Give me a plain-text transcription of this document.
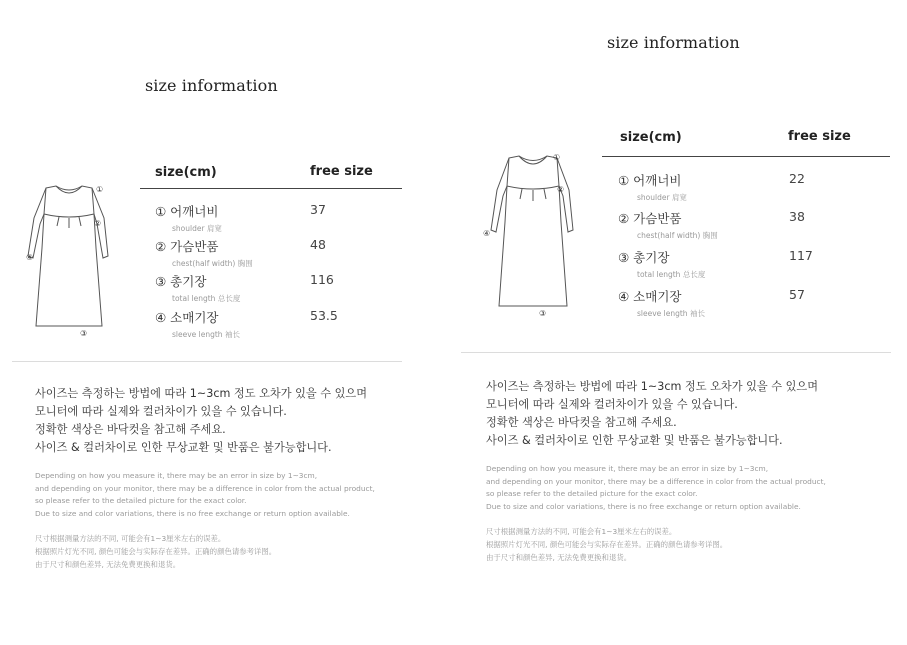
size information
①
②
③
④
size(cm)	free size
① 어깨너비
shoulder 肩宽
37
② 가슴반품
chest(half width) 胸围
48
③ 총기장
total length 总长度
116
④ 소매기장
sleeve length 袖长
53.5
사이즈는 측정하는 방법에 따라 1~3cm 정도 오차가 있을 수 있으며
모니터에 따라 실제와 컬러차이가 있을 수 있습니다.
정확한 색상은 바닥컷을 참고해 주세요.
사이즈 & 컬러차이로 인한 무상교환 및 반품은 불가능합니다.
Depending on how you measure it, there may be an error in size by 1~3cm,
and depending on your monitor, there may be a difference in color from the actual product,
so please refer to the detailed picture for the exact color.
Due to size and color variations, there is no free exchange or return option available.
尺寸根据测量方法的不同, 可能会有1~3厘米左右的误差。
根据照片灯光不同, 颜色可能会与实际存在差异。正确的颜色请参考详图。
由于尺寸和颜色差异, 无法免费更换和退货。
size information
①
②
③
④
size(cm)	free size
① 어깨너비
shoulder 肩宽
22
② 가슴반품
chest(half width) 胸围
38
③ 총기장
total length 总长度
117
④ 소매기장
sleeve length 袖长
57
사이즈는 측정하는 방법에 따라 1~3cm 정도 오차가 있을 수 있으며
모니터에 따라 실제와 컬러차이가 있을 수 있습니다.
정확한 색상은 바닥컷을 참고해 주세요.
사이즈 & 컬러차이로 인한 무상교환 및 반품은 불가능합니다.
Depending on how you measure it, there may be an error in size by 1~3cm,
and depending on your monitor, there may be a difference in color from the actual product,
so please refer to the detailed picture for the exact color.
Due to size and color variations, there is no free exchange or return option available.
尺寸根据测量方法的不同, 可能会有1~3厘米左右的误差。
根据照片灯光不同, 颜色可能会与实际存在差异。正确的颜色请参考详图。
由于尺寸和颜色差异, 无法免费更换和退货。
